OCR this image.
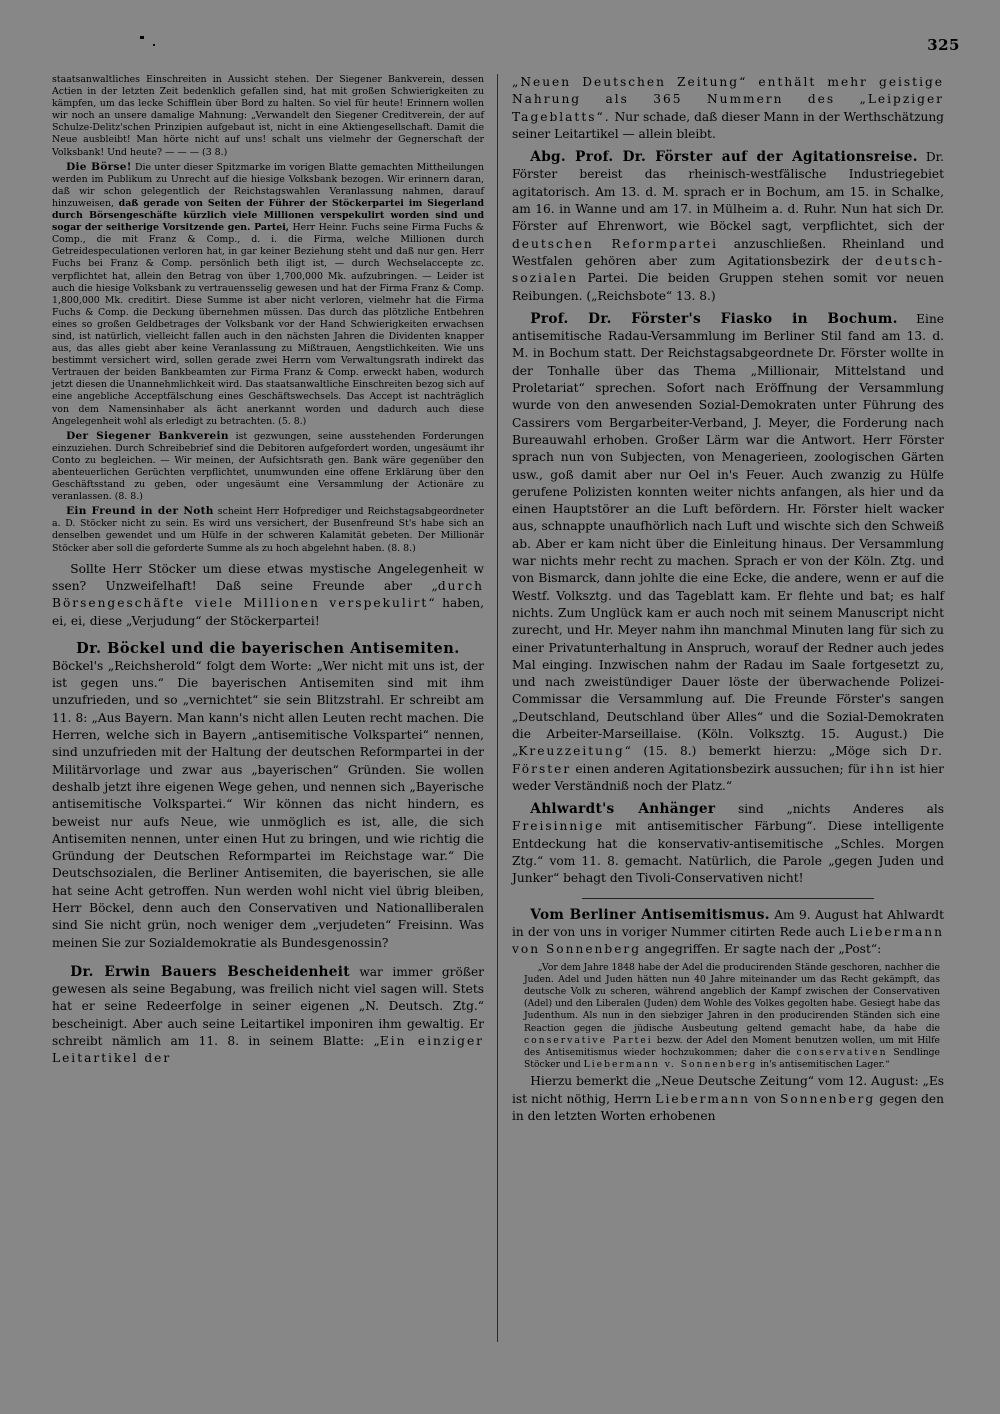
325

staatsanwaltliches Einschreiten in Aussicht stehen. Der Siegener Bankverein, dessen Actien in der letzten Zeit bedenklich gefallen sind, hat mit großen Schwierigkeiten zu kämpfen, um das leckе Schifflein über Bord zu halten. So viel für heute! Erinnern wollen wir noch an unsere damalige Mahnung: „Verwandelt den Siegener Creditverein, der auf Schulze-Delitz'schen Prinzipien aufgebaut ist, nicht in eine Aktiengesellschaft. Damit die Neue ausbleibt! Man hörte nicht auf uns! schalt uns vielmehr der Gegnerschaft der Volksbank! Und heute? — — — (3 8.)

Die Börse! Die unter dieser Spitzmarke im vorigen Blatte gemachten Mittheilungen werden im Publikum zu Unrecht auf die hiesige Volksbank bezogen. Wir erinnern daran, daß wir schon gelegentlich der Reichstagswahlen Veranlassung nahmen, darauf hinzuweisen, daß gerade von Seiten der Führer der Stöckerpartei im Siegerland durch Börsengeschäfte kürzlich viele Millionen verspekulirt worden sind und sogar der seitherige Vorsitzende gen. Partei, Herr Heinr. Fuchs seine Firma Fuchs & Comp., die mit Franz & Comp., d. i. die Firma, welche Millionen durch Getreidespeculationen verloren hat, in gar keiner Beziehung steht und daß nur gen. Herr Fuchs bei Franz & Comp. persönlich beth iligt ist, — durch Wechselaccepte zc. verpflichtet hat, allein den Betrag von über 1,700,000 Mk. aufzubringen. — Leider ist auch die hiesige Volksbank zu vertrauensselig gewesen und hat der Firma Franz & Comp. 1,800,000 Mk. creditirt. Diese Summe ist aber nicht verloren, vielmehr hat die Firma Fuchs & Comp. die Deckung übernehmen müssen. Das durch das plötzliche Entbehren eines so großen Geldbetrages der Volksbank vor der Hand Schwierigkeiten erwachsen sind, ist natürlich, vielleicht fallen auch in den nächsten Jahren die Dividenten knapper aus, das alles giebt aber keine Veranlassung zu Mißtrauen, Aengstlichkeiten. Wie uns bestimmt versichert wird, sollen gerade zwei Herrn vom Verwaltungsrath indirekt das Vertrauen der beiden Bankbeamten zur Firma Franz & Comp. erweckt haben, wodurch jetzt diesen die Unannehmlichkeit wird. Das staatsanwaltliche Einschreiten bezog sich auf eine angebliche Acceptfälschung eines Geschäftswechsels. Das Accept ist nachträglich von dem Namensinhaber als ächt anerkannt worden und dadurch auch diese Angelegenheit wohl als erledigt zu betrachten. (5. 8.)

Der Siegener Bankverein ist gezwungen, seine ausstehenden Forderungen einzuziehen. Durch Schreibebrief sind die Debitoren aufgefordert worden, ungesäumt ihr Conto zu begleichen. — Wir meinen, der Aufsichtsrath gen. Bank wäre gegenüber den abenteuerlichen Gerüchten verpflichtet, unumwunden eine offene Erklärung über den Geschäftsstand zu geben, oder ungesäumt eine Versammlung der Actionäre zu veranlassen. (8. 8.)

Ein Freund in der Noth scheint Herr Hofprediger und Reichstagsabgeordneter a. D. Stöcker nicht zu sein. Es wird uns versichert, der Busenfreund St's habe sich an denselben gewendet und um Hülfe in der schweren Kalamität gebeten. Der Millionär Stöcker aber soll die geforderte Summe als zu hoch abgelehnt haben. (8. 8.)

Sollte Herr Stöcker um diese etwas mystische Angelegenheit w ssen? Unzweifelhaft! Daß seine Freunde aber „durch Börsengeschäfte viele Millionen verspekulirt“ haben, ei, ei, diese „Verjudung“ der Stöckerpartei!

Dr. Böckel und die bayerischen Antisemiten.

Böckel's „Reichsherold“ folgt dem Worte: „Wer nicht mit uns ist, der ist gegen uns.“ Die bayerischen Antisemiten sind mit ihm unzufrieden, und so „vernichtet“ sie sein Blitzstrahl. Er schreibt am 11. 8: „Aus Bayern. Man kann's nicht allen Leuten recht machen. Die Herren, welche sich in Bayern „antisemitische Volkspartei“ nennen, sind unzufrieden mit der Haltung der deutschen Reformpartei in der Militärvorlage und zwar aus „bayerischen“ Gründen. Sie wollen deshalb jetzt ihre eigenen Wege gehen, und nennen sich „Bayerische antisemitische Volkspartei.“ Wir können das nicht hindern, es beweist nur aufs Neue, wie unmöglich es ist, alle, die sich Antisemiten nennen, unter einen Hut zu bringen, und wie richtig die Gründung der Deutschen Reformpartei im Reichstage war.“ Die Deutschsozialen, die Berliner Antisemiten, die bayerischen, sie alle hat seine Acht getroffen. Nun werden wohl nicht viel übrig bleiben, Herr Böckel, denn auch den Conservativen und Nationalliberalen sind Sie nicht grün, noch weniger dem „verjudeten“ Freisinn. Was meinen Sie zur Sozialdemokratie als Bundesgenossin?

Dr. Erwin Bauers Bescheidenheit war immer größer gewesen als seine Begabung, was freilich nicht viel sagen will. Stets hat er seine Redeerfolge in seiner eigenen „N. Deutsch. Ztg.“ bescheinigt. Aber auch seine Leitartikel imponiren ihm gewaltig. Er schreibt nämlich am 11. 8. in seinem Blatte: „Ein einziger Leitartikel der

„Neuen Deutschen Zeitung“ enthält mehr geistige Nahrung als 365 Nummern des „Leipziger Tageblatts“. Nur schade, daß dieser Mann in der Werthschätzung seiner Leitartikel — allein bleibt.

Abg. Prof. Dr. Förster auf der Agitationsreise. Dr. Förster bereist das rheinisch-westfälische Industriegebiet agitatorisch. Am 13. d. M. sprach er in Bochum, am 15. in Schalke, am 16. in Wanne und am 17. in Mülheim a. d. Ruhr. Nun hat sich Dr. Förster auf Ehrenwort, wie Böckel sagt, verpflichtet, sich der deutschen Reformpartei anzuschließen. Rheinland und Westfalen gehören aber zum Agitationsbezirk der deutsch-sozialen Partei. Die beiden Gruppen stehen somit vor neuen Reibungen. („Reichsbote“ 13. 8.)

Prof. Dr. Förster's Fiasko in Bochum. Eine antisemitische Radau-Versammlung im Berliner Stil fand am 13. d. M. in Bochum statt. Der Reichstagsabgeordnete Dr. Förster wollte in der Tonhalle über das Thema „Millionair, Mittelstand und Proletariat“ sprechen. Sofort nach Eröffnung der Versammlung wurde von den anwesenden Sozial-Demokraten unter Führung des Cassirers vom Bergarbeiter-Verband, J. Meyer, die Forderung nach Bureauwahl erhoben. Großer Lärm war die Antwort. Herr Förster sprach nun von Subjecten, von Menagerieen, zoologischen Gärten usw., goß damit aber nur Oel in's Feuer. Auch zwanzig zu Hülfe gerufene Polizisten konnten weiter nichts anfangen, als hier und da einen Hauptstörer an die Luft befördern. Hr. Förster hielt wacker aus, schnappte unaufhörlich nach Luft und wischte sich den Schweiß ab. Aber er kam nicht über die Einleitung hinaus. Der Versammlung war nichts mehr recht zu machen. Sprach er von der Köln. Ztg. und von Bismarck, dann johlte die eine Ecke, die andere, wenn er auf die Westf. Volksztg. und das Tageblatt kam. Er flehte und bat; es half nichts. Zum Unglück kam er auch noch mit seinem Manuscript nicht zurecht, und Hr. Meyer nahm ihn manchmal Minuten lang für sich zu einer Privatunterhaltung in Anspruch, worauf der Redner auch jedes Mal einging. Inzwischen nahm der Radau im Saale fortgesetzt zu, und nach zweistündiger Dauer löste der überwachende Polizei-Commissar die Versammlung auf. Die Freunde Förster's sangen „Deutschland, Deutschland über Alles“ und die Sozial-Demokraten die Arbeiter-Marseillaise. (Köln. Volksztg. 15. August.) Die „Kreuzzeitung“ (15. 8.) bemerkt hierzu: „Möge sich Dr. Förster einen anderen Agitationsbezirk aussuchen; für ihn ist hier weder Verständniß noch der Platz.“

Ahlwardt's Anhänger sind „nichts Anderes als Freisinnige mit antisemitischer Färbung“. Diese intelligente Entdeckung hat die konservativ-antisemitische „Schles. Morgen Ztg.“ vom 11. 8. gemacht. Natürlich, die Parole „gegen Juden und Junker“ behagt den Tivoli-Conservativen nicht!

Vom Berliner Antisemitismus. Am 9. August hat Ahlwardt in der von uns in voriger Nummer citirten Rede auch Liebermann von Sonnenberg angegriffen. Er sagte nach der „Post“:

„Vor dem Jahre 1848 habe der Adel die producirenden Stände geschoren, nachher die Juden. Adel und Juden hätten nun 40 Jahre miteinander um das Recht gekämpft, das deutsche Volk zu scheren, während angeblich der Kampf zwischen der Conservativen (Adel) und den Liberalen (Juden) dem Wohle des Volkes gegolten habe. Gesiegt habe das Judenthum. Als nun in den siebziger Jahren in den producirenden Ständen sich eine Reaction gegen die jüdische Ausbeutung geltend gemacht habe, da habe die conservative Partei bezw. der Adel den Moment benutzen wollen, um mit Hilfe des Antisemitismus wieder hochzukommen; daher die conservativen Sendlinge Stöcker und Liebermann v. Sonnenberg in's antisemitischen Lager.“

Hierzu bemerkt die „Neue Deutsche Zeitung“ vom 12. August: „Es ist nicht nöthig, Herrn Liebermann von Sonnenberg gegen den in den letzten Worten erhobenen
